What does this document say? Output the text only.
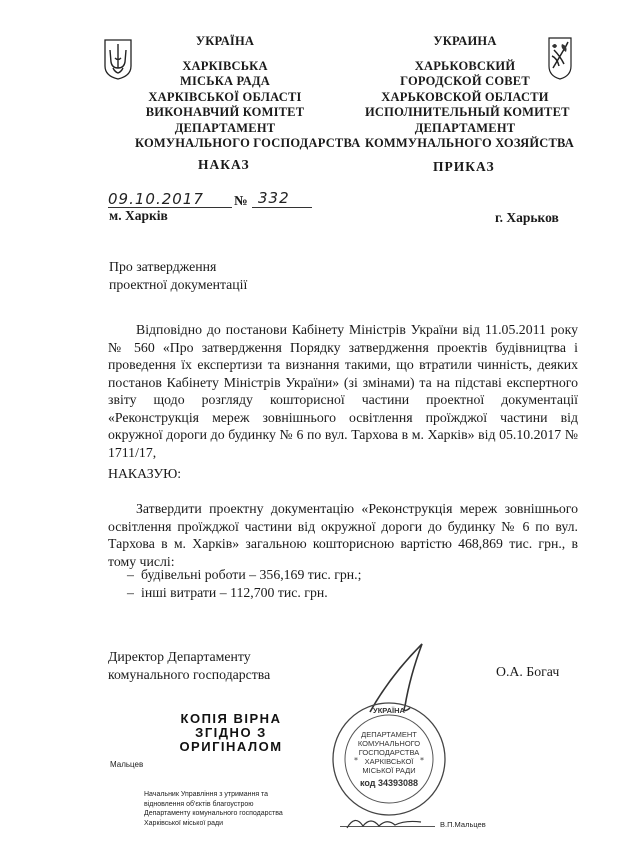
УКРАЇНА
ХАРКІВСЬКА
МІСЬКА РАДА
ХАРКІВСЬКОЇ ОБЛАСТІ
ВИКОНАВЧИЙ КОМІТЕТ
ДЕПАРТАМЕНТ
КОМУНАЛЬНОГО ГОСПОДАРСТВА
УКРАИНА
ХАРЬКОВСКИЙ
ГОРОДСКОЙ СОВЕТ
ХАРЬКОВСКОЙ ОБЛАСТИ
ИСПОЛНИТЕЛЬНЫЙ КОМИТЕТ
ДЕПАРТАМЕНТ
КОММУНАЛЬНОГО ХОЗЯЙСТВА
НАКАЗ	ПРИКАЗ
09.10.2017 № 332
м. Харків	г. Харьков
Про затвердження
проектної документації
Відповідно до постанови Кабінету Міністрів України від 11.05.2011 року № 560 «Про затвердження Порядку затвердження проектів будівництва і проведення їх експертизи та визнання такими, що втратили чинність, деяких постанов Кабінету Міністрів України» (зі змінами) та на підставі експертного звіту щодо розгляду кошторисної частини проектної документації «Реконструкція мереж зовнішнього освітлення проїжджої частини від окружної дороги до будинку № 6 по вул. Тархова в м. Харків» від 05.10.2017 № 1711/17,
НАКАЗУЮ:
Затвердити проектну документацію «Реконструкція мереж зовнішнього освітлення проїжджої частини від окружної дороги до будинку № 6 по вул. Тархова в м. Харків» загальною кошторисною вартістю 468,869 тис. грн., в тому числі:
– будівельні роботи – 356,169 тис. грн.;
– інші витрати – 112,700 тис. грн.
Директор Департаменту
комунального господарства	О.А. Богач
КОПІЯ ВІРНА
ЗГІДНО З
ОРИГІНАЛОМ
*	*
УКРАЇНА
ДЕПАРТАМЕНТ
КОМУНАЛЬНОГО
ГОСПОДАРСТВА
ХАРКІВСЬКОЇ
МІСЬКОЇ РАДИ
код 34393088
Мальцев
Начальник Управління з утримання та
відновлення об'єктів благоустрою
Департаменту комунального господарства
Харківської міської ради	В.П.Мальцев
